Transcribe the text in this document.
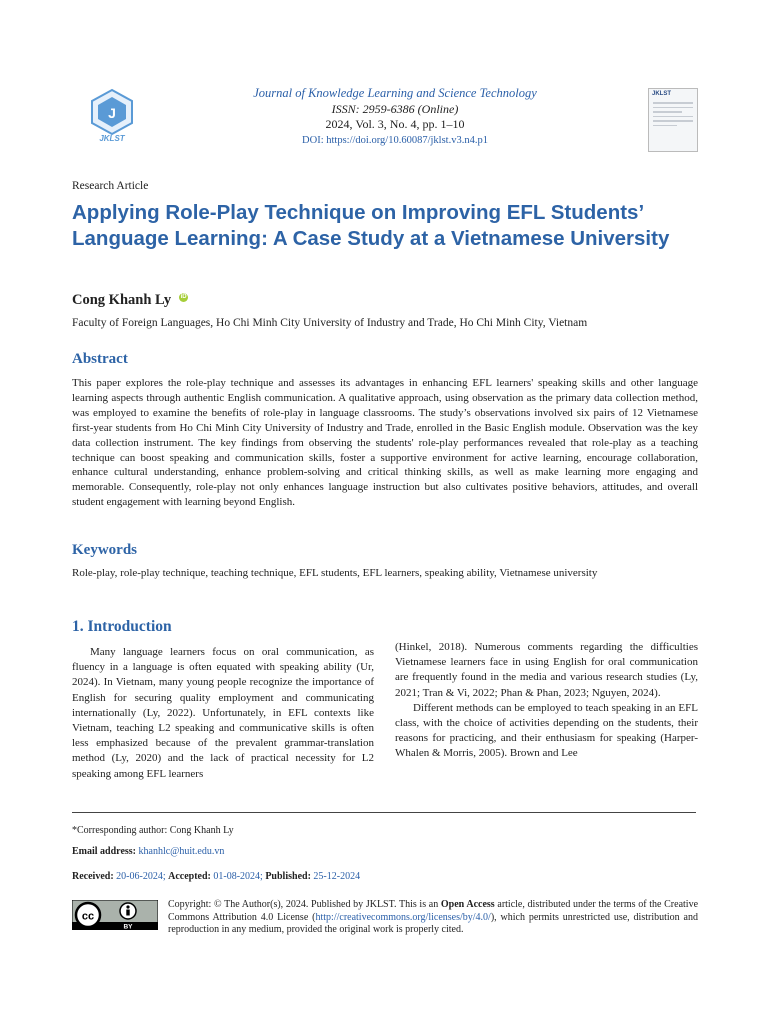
J
JKLST
Journal of Knowledge Learning and Science Technology
ISSN: 2959-6386 (Online)
2024, Vol. 3, No. 4, pp. 1–10
DOI: https://doi.org/10.60087/jklst.v3.n4.p1
JKLST
Research Article
Applying Role-Play Technique on Improving EFL Students’ Language Learning: A Case Study at a Vietnamese University
Cong Khanh Ly iD
Faculty of Foreign Languages, Ho Chi Minh City University of Industry and Trade, Ho Chi Minh City, Vietnam
Abstract
This paper explores the role-play technique and assesses its advantages in enhancing EFL learners' speaking skills and other language learning aspects through authentic English communication. A qualitative approach, using observation as the primary data collection method, was employed to examine the benefits of role-play in language classrooms. The study’s observations involved six pairs of 12 Vietnamese first-year students from Ho Chi Minh City University of Industry and Trade, enrolled in the Basic English module. Observation was the key data collection instrument. The key findings from observing the students' role-play performances revealed that role-play as a teaching technique can boost speaking and communication skills, foster a supportive environment for active learning, encourage collaboration, enhance cultural understanding, enhance problem-solving and critical thinking skills, as well as make learning more engaging and memorable. Consequently, role-play not only enhances language instruction but also cultivates positive behaviors, attitudes, and overall student engagement with learning beyond English.
Keywords
Role-play, role-play technique, teaching technique, EFL students, EFL learners, speaking ability, Vietnamese university
1. Introduction

Many language learners focus on oral communication, as fluency in a language is often equated with speaking ability (Ur, 2024). In Vietnam, many young people recognize the importance of English for securing quality employment and communicating internationally (Ly, 2022). Unfortunately, in EFL contexts like Vietnam, teaching L2 speaking and communicative skills is often less emphasized because of the prevalent grammar-translation method (Ly, 2020) and the lack of practical necessity for L2 speaking among EFL learners

(Hinkel, 2018). Numerous comments regarding the difficulties Vietnamese learners face in using English for oral communication are frequently found in the media and various research studies (Ly, 2021; Tran & Vi, 2022; Phan & Phan, 2023; Nguyen, 2024).

Different methods can be employed to teach speaking in an EFL class, with the choice of activities depending on the students, their reasons for practicing, and their enthusiasm for speaking (Harper-Whalen & Morris, 2005). Brown and Lee

*Corresponding author: Cong Khanh Ly
Email address: khanhlc@huit.edu.vn
Received: 20-06-2024; Accepted: 01-08-2024; Published: 25-12-2024
cc
BY
Copyright: © The Author(s), 2024. Published by JKLST. This is an Open Access article, distributed under the terms of the Creative Commons Attribution 4.0 License (http://creativecommons.org/licenses/by/4.0/), which permits unrestricted use, distribution and reproduction in any medium, provided the original work is properly cited.
